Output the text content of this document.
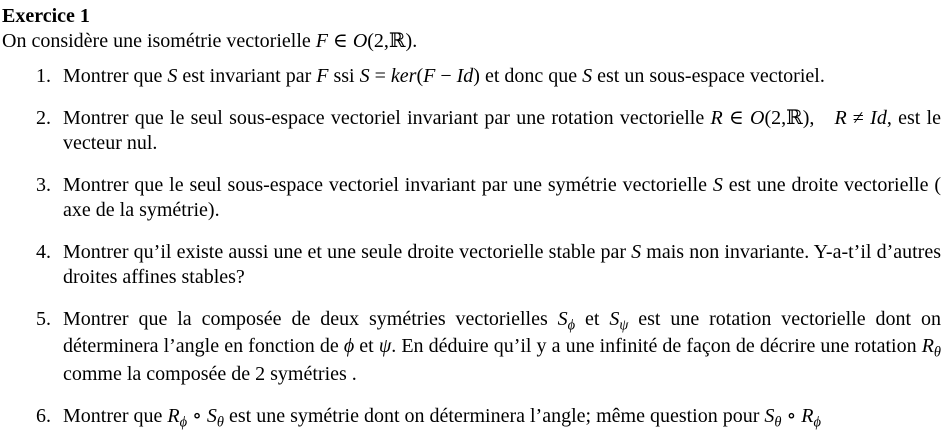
Exercice 1
On considère une isométrie vectorielle F ∈ O(2,ℝ).
1. Montrer que S est invariant par F ssi S = ker(F − Id) et donc que S est un sous-espace vectoriel.
2. Montrer que le seul sous-espace vectoriel invariant par une rotation vectorielle R ∈ O(2,ℝ), R ≠ Id, est le vecteur nul.
3. Montrer que le seul sous-espace vectoriel invariant par une symétrie vectorielle S est une droite vectorielle ( axe de la symétrie).
4. Montrer qu’il existe aussi une et une seule droite vectorielle stable par S mais non invariante. Y-a-t’il d’autres droites affines stables?
5. Montrer que la composée de deux symétries vectorielles $S_\phi$ et $S_\psi$ est une rotation vectorielle dont on déterminera l’angle en fonction de ϕ et ψ. En déduire qu’il y a une infinité de façon de décrire une rotation $R_\theta$ comme la composée de 2 symétries .
6. Montrer que $R_\phi$ ∘ $S_\theta$ est une symétrie dont on déterminera l’angle; même question pour $S_\theta$ ∘ $R_\phi$
